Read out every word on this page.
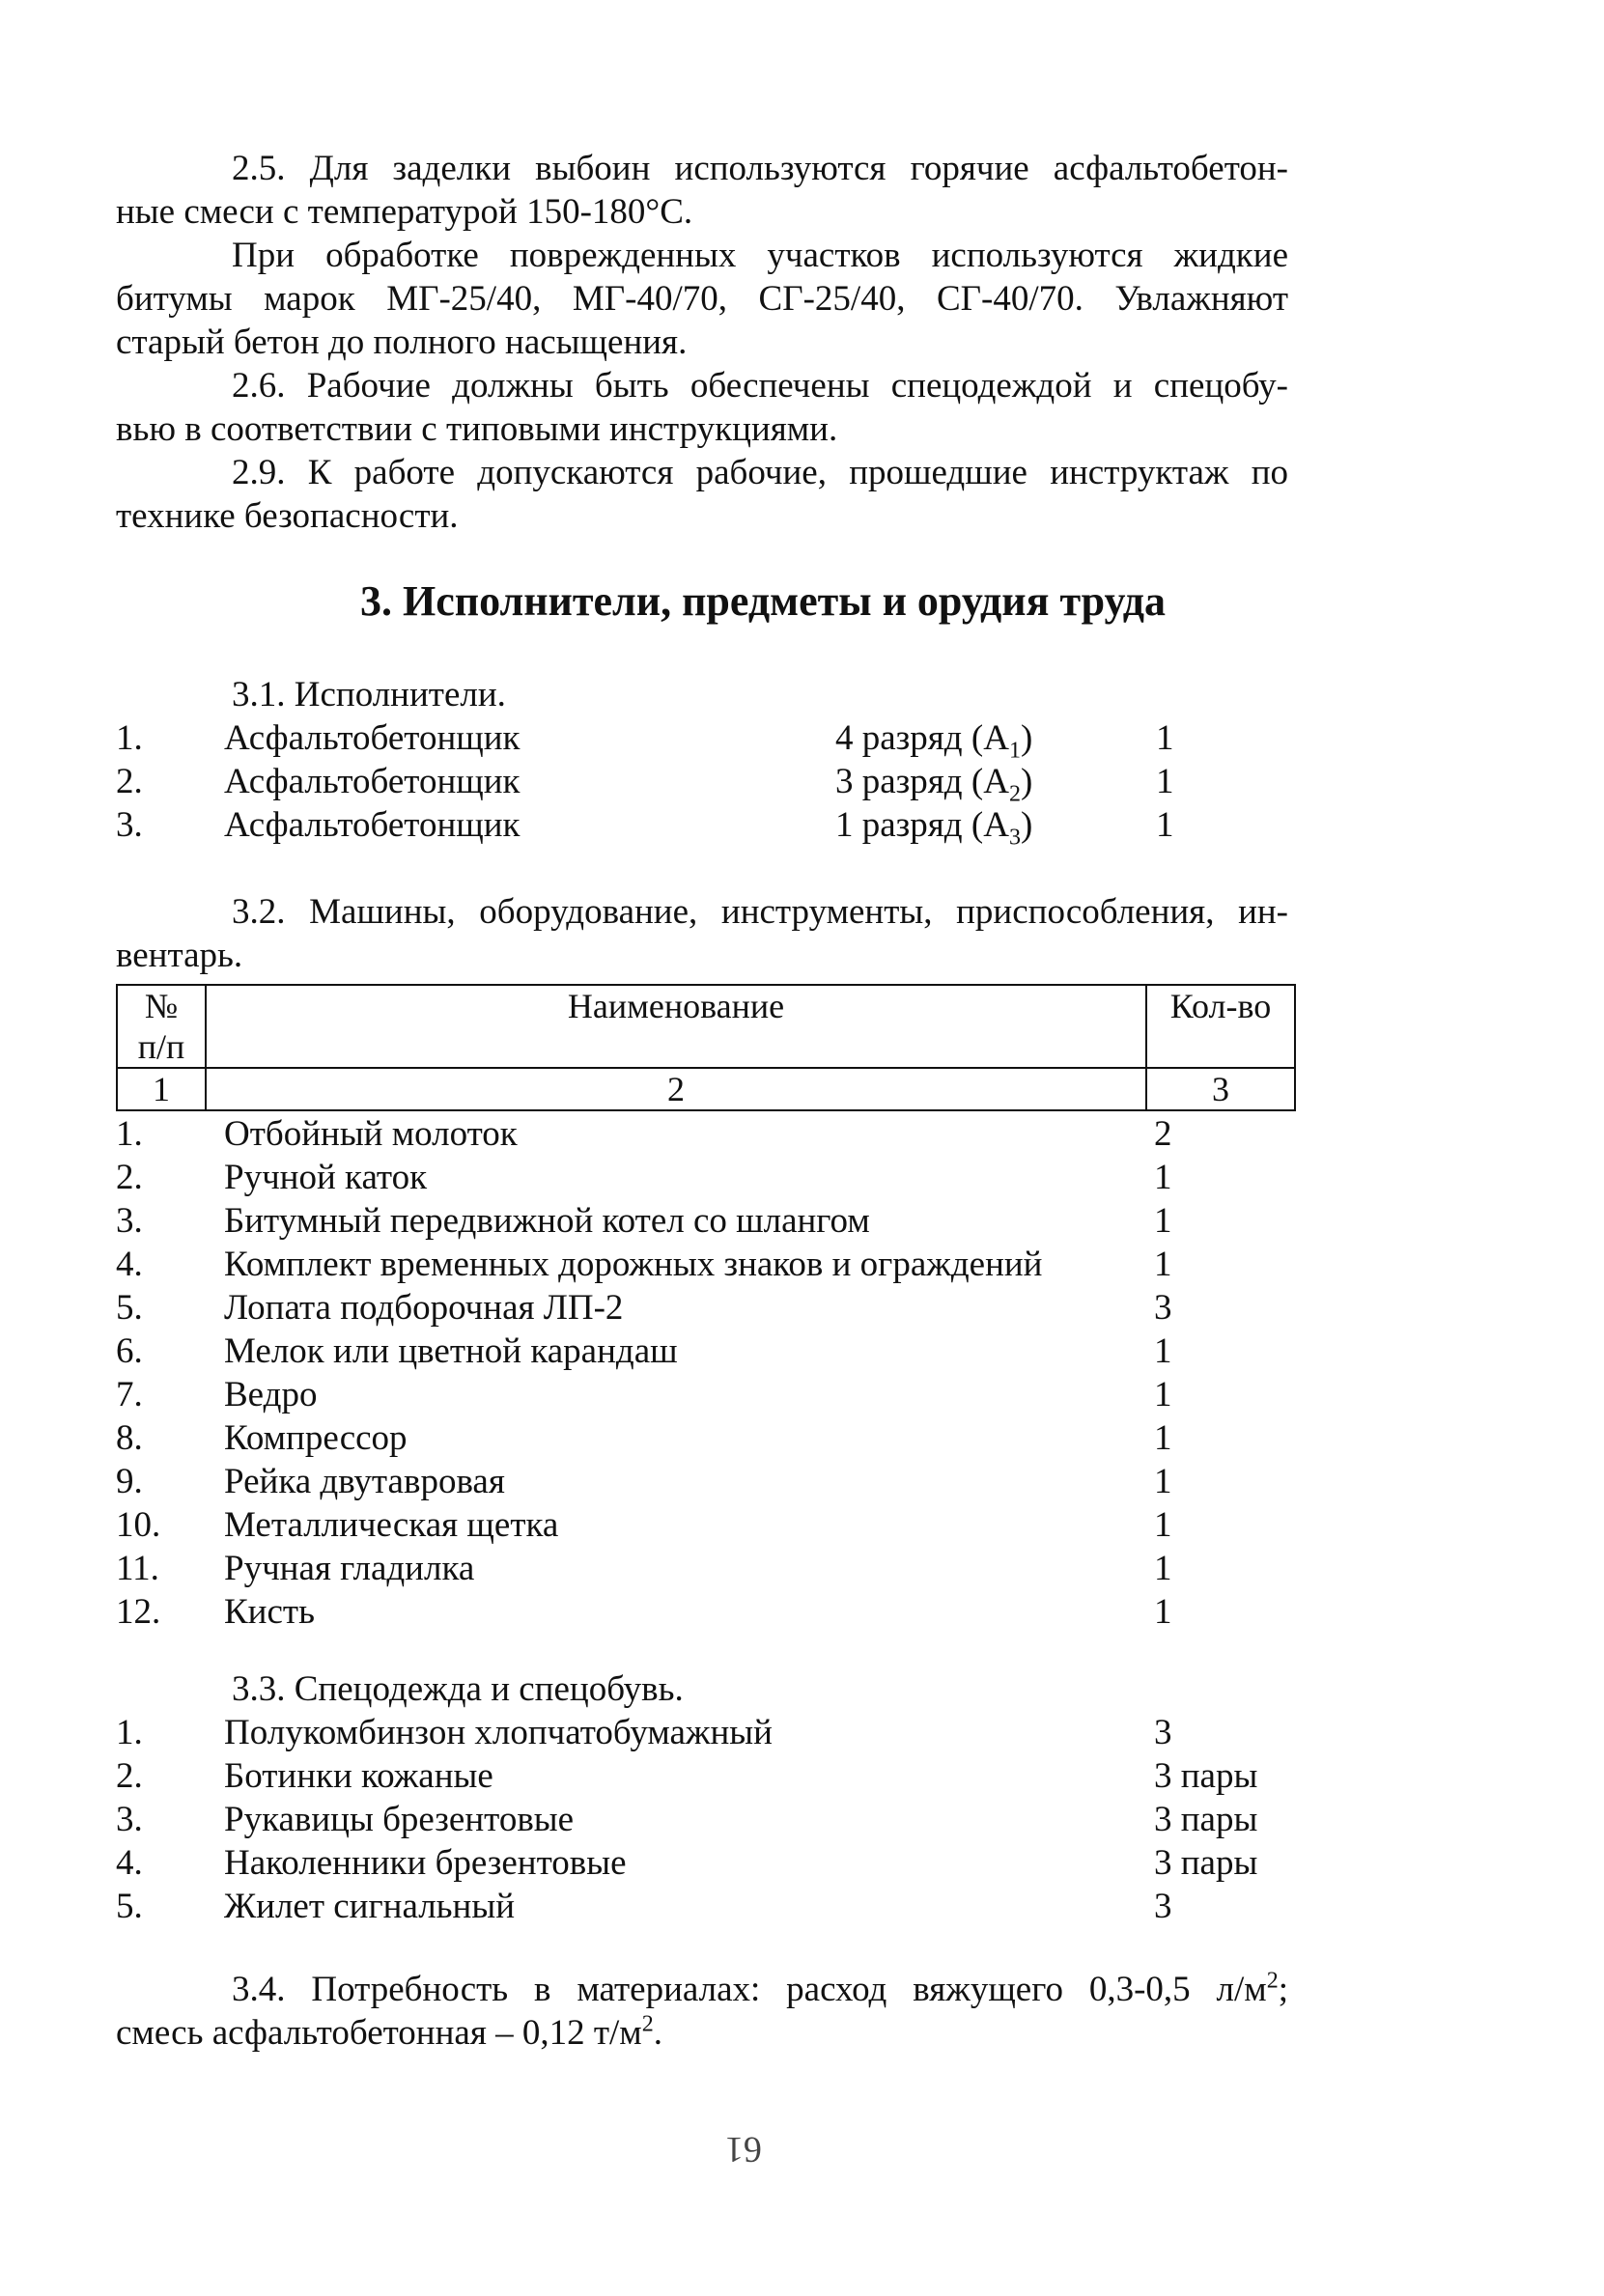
2.5. Для заделки выбоин используются горячие асфальтобетон-
ные смеси с температурой 150-180°С.
При обработке поврежденных участков используются жидкие
битумы марок МГ-25/40, МГ-40/70, СГ-25/40, СГ-40/70. Увлажняют
старый бетон до полного насыщения.
2.6. Рабочие должны быть обеспечены спецодеждой и спецобу-
вью в соответствии с типовыми инструкциями.
2.9. К работе допускаются рабочие, прошедшие инструктаж по
технике безопасности.
3. Исполнители, предметы и орудия труда
3.1. Исполнители.
1. Асфальтобетонщик	4 разряд $(А_1)$	1
2. Асфальтобетонщик	3 разряд $(А_2)$	1
3. Асфальтобетонщик	1 разряд $(А_3)$	1
3.2. Машины, оборудование, инструменты, приспособления, ин-
вентарь.
№
п/п	Наименование	Кол-во
1	2	3
1. Отбойный молоток	2
2. Ручной каток	1
3. Битумный передвижной котел со шлангом	1
4. Комплект временных дорожных знаков и ограждений	1
5. Лопата подборочная ЛП-2	3
6. Мелок или цветной карандаш	1
7. Ведро	1
8. Компрессор	1
9. Рейка двутавровая	1
10. Металлическая щетка	1
11. Ручная гладилка	1
12. Кисть	1
3.3. Спецодежда и спецобувь.
1. Полукомбинзон хлопчатобумажный	3
2. Ботинки кожаные	3 пары
3. Рукавицы брезентовые	3 пары
4. Наколенники брезентовые	3 пары
5. Жилет сигнальный	3
3.4. Потребность в материалах: расход вяжущего 0,3-0,5 $л/м^2$;
смесь асфальтобетонная – 0,12 $т/м^2$.
61
